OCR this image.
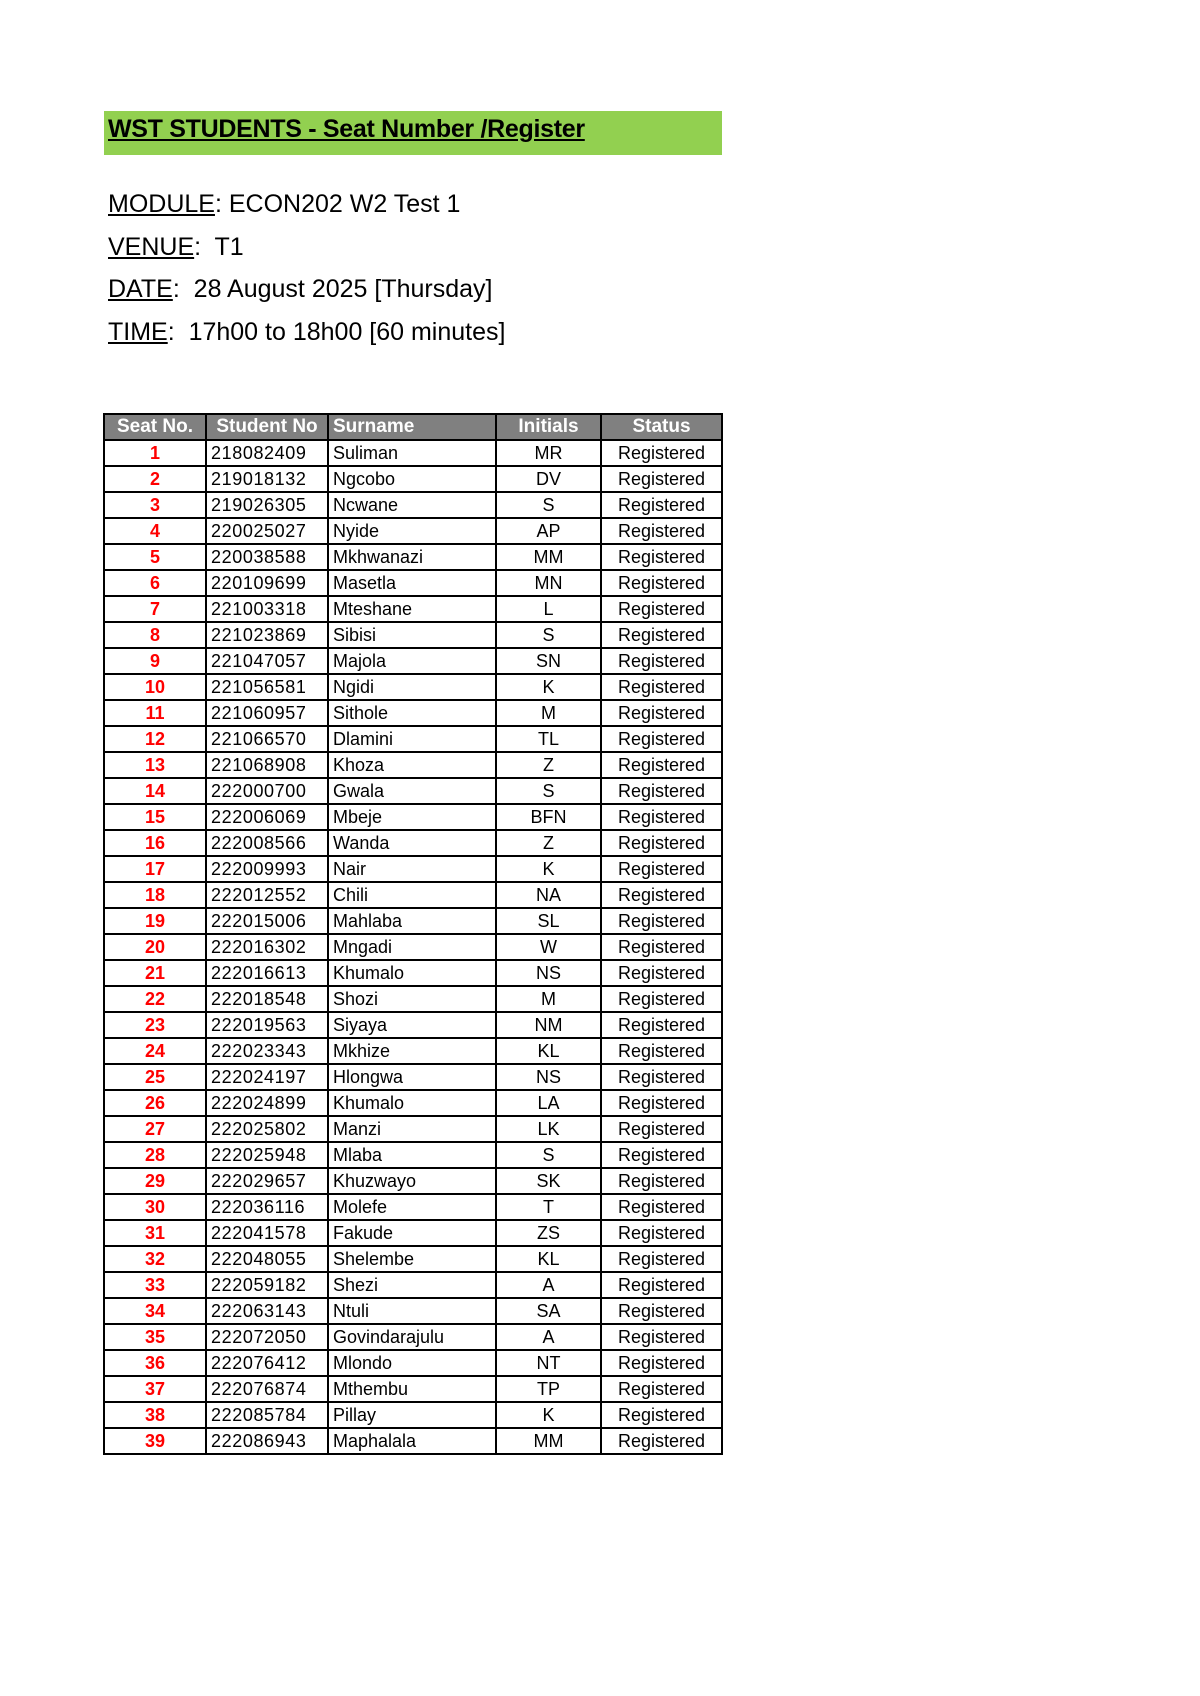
WST STUDENTS - Seat Number /Register
MODULE: ECON202 W2 Test 1
VENUE:  T1
DATE:  28 August 2025 [Thursday]
TIME:  17h00 to 18h00 [60 minutes]
Seat No.	Student No	Surname	Initials	Status
1	218082409	Suliman	MR	Registered
2	219018132	Ngcobo	DV	Registered
3	219026305	Ncwane	S	Registered
4	220025027	Nyide	AP	Registered
5	220038588	Mkhwanazi	MM	Registered
6	220109699	Masetla	MN	Registered
7	221003318	Mteshane	L	Registered
8	221023869	Sibisi	S	Registered
9	221047057	Majola	SN	Registered
10	221056581	Ngidi	K	Registered
11	221060957	Sithole	M	Registered
12	221066570	Dlamini	TL	Registered
13	221068908	Khoza	Z	Registered
14	222000700	Gwala	S	Registered
15	222006069	Mbeje	BFN	Registered
16	222008566	Wanda	Z	Registered
17	222009993	Nair	K	Registered
18	222012552	Chili	NA	Registered
19	222015006	Mahlaba	SL	Registered
20	222016302	Mngadi	W	Registered
21	222016613	Khumalo	NS	Registered
22	222018548	Shozi	M	Registered
23	222019563	Siyaya	NM	Registered
24	222023343	Mkhize	KL	Registered
25	222024197	Hlongwa	NS	Registered
26	222024899	Khumalo	LA	Registered
27	222025802	Manzi	LK	Registered
28	222025948	Mlaba	S	Registered
29	222029657	Khuzwayo	SK	Registered
30	222036116	Molefe	T	Registered
31	222041578	Fakude	ZS	Registered
32	222048055	Shelembe	KL	Registered
33	222059182	Shezi	A	Registered
34	222063143	Ntuli	SA	Registered
35	222072050	Govindarajulu	A	Registered
36	222076412	Mlondo	NT	Registered
37	222076874	Mthembu	TP	Registered
38	222085784	Pillay	K	Registered
39	222086943	Maphalala	MM	Registered
